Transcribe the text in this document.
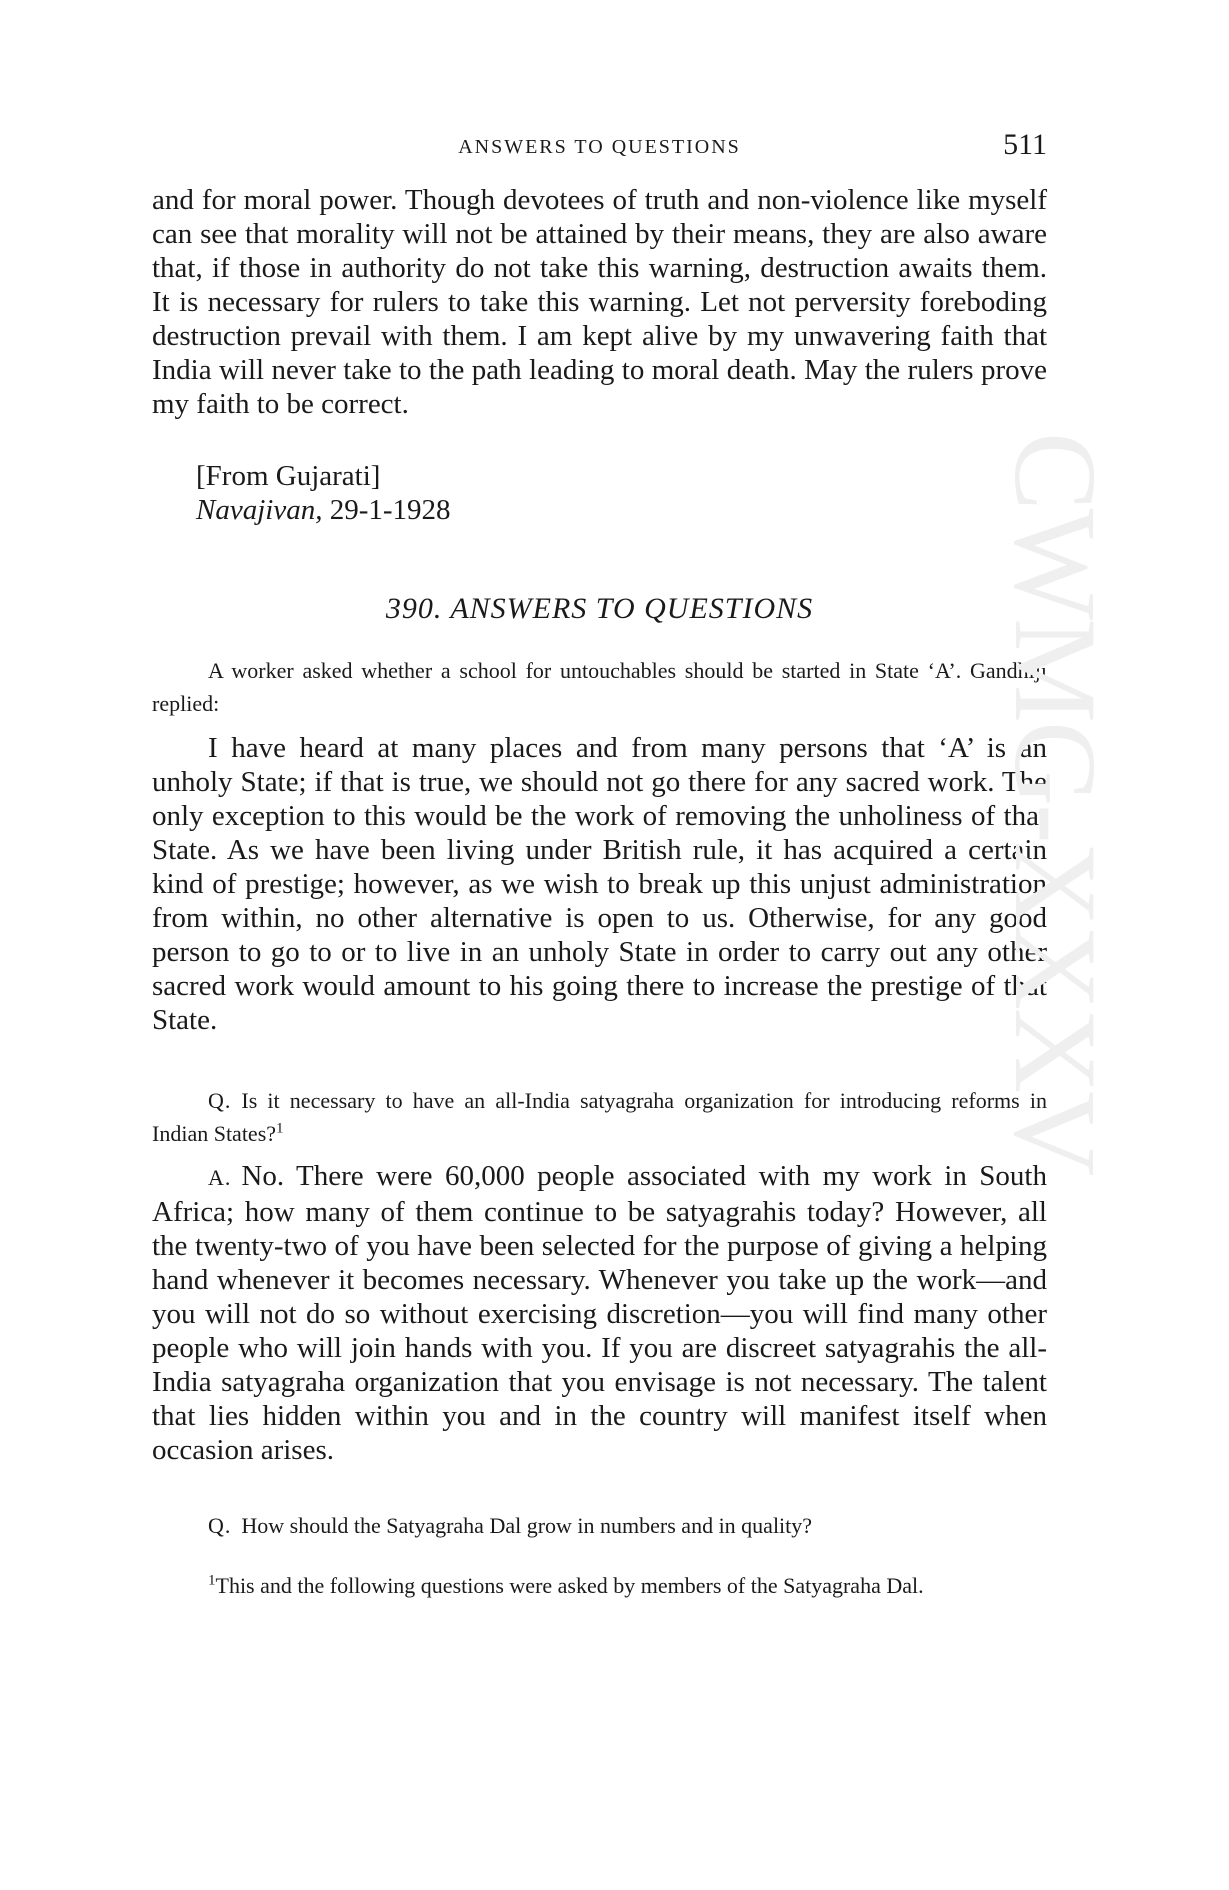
ANSWERS TO QUESTIONS	511

and for moral power. Though devotees of truth and non-violence like myself can see that morality will not be attained by their means, they are also aware that, if those in authority do not take this warning, destruction awaits them. It is necessary for rulers to take this warning. Let not perversity foreboding destruction prevail with them. I am kept alive by my unwavering faith that India will never take to the path leading to moral death. May the rulers prove my faith to be correct.

[From Gujarati]
Navajivan, 29-1-1928
390. ANSWERS TO QUESTIONS
A worker asked whether a school for untouchables should be started in State ‘A’. Gandhiji replied:
I have heard at many places and from many persons that ‘A’ is an unholy State; if that is true, we should not go there for any sacred work. The only exception to this would be the work of removing the unholiness of that State. As we have been living under British rule, it has acquired a certain kind of prestige; however, as we wish to break up this unjust administration from within, no other alternative is open to us. Otherwise, for any good person to go to or to live in an unholy State in order to carry out any other sacred work would amount to his going there to increase the prestige of that State.
Q. Is it necessary to have an all-India satyagraha organization for introducing reforms in Indian States?$^1$
A. No. There were 60,000 people associated with my work in South Africa; how many of them continue to be satyagrahis today? However, all the twenty-two of you have been selected for the purpose of giving a helping hand whenever it becomes necessary. Whenever you take up the work—and you will not do so without exercising discretion—you will find many other people who will join hands with you. If you are discreet satyagrahis the all-India satyagraha organization that you envisage is not necessary. The talent that lies hidden within you and in the country will manifest itself when occasion arises.
Q. How should the Satyagraha Dal grow in numbers and in quality?
$^1$This and the following questions were asked by members of the Satyagraha Dal.
CWMG-XXXV
